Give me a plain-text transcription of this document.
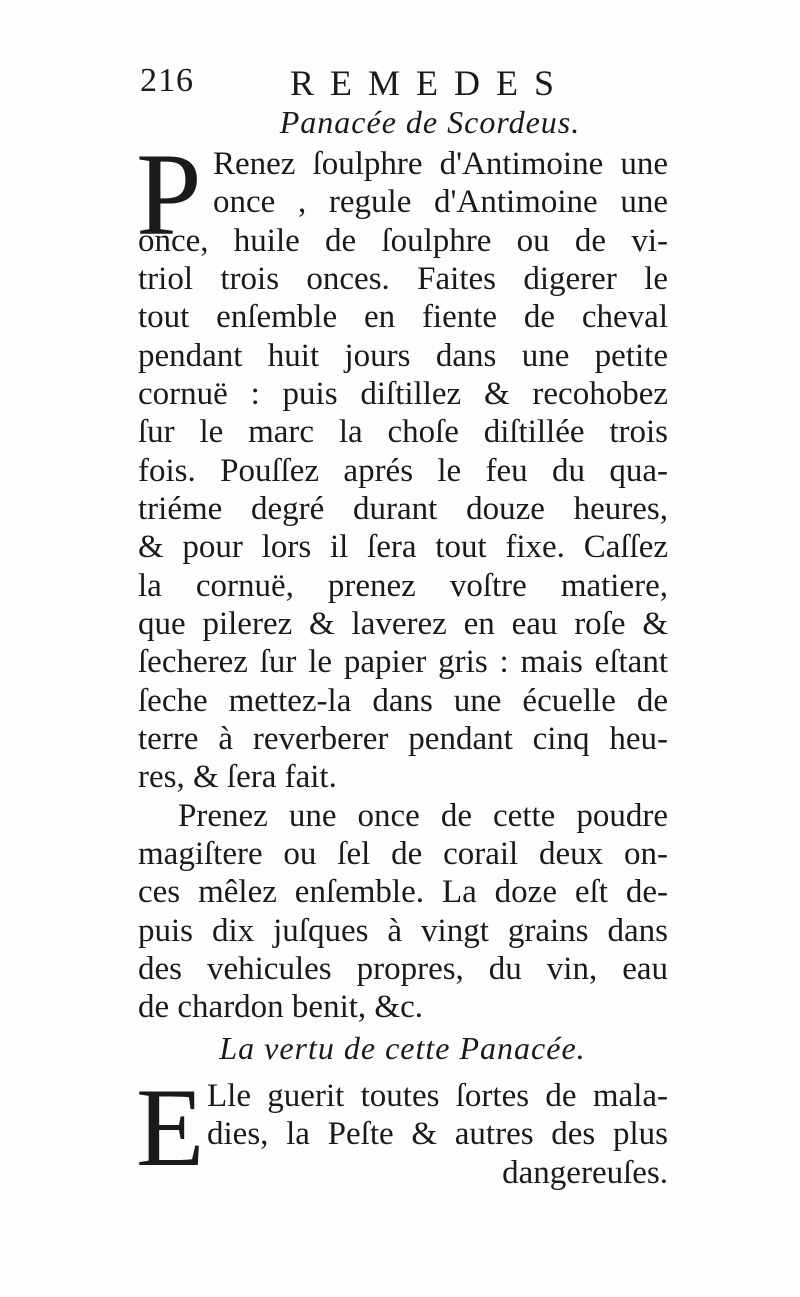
216	REMEDES
Panacée de Scordeus.
P Renez ſoulphre d'Antimoine une
once , regule d'Antimoine une
once, huile de ſoulphre ou de vi-
triol trois onces. Faites digerer le
tout enſemble en fiente de cheval
pendant huit jours dans une petite
cornuë : puis diſtillez & recohobez
ſur le marc la choſe diſtillée trois
fois. Pouſſez aprés le feu du qua-
triéme degré durant douze heures,
& pour lors il ſera tout fixe. Caſſez
la cornuë, prenez voſtre matiere,
que pilerez & laverez en eau roſe &
ſecherez ſur le papier gris : mais eſtant
ſeche mettez-la dans une écuelle de
terre à reverberer pendant cinq heu-
res, & ſera fait.
Prenez une once de cette poudre
magiſtere ou ſel de corail deux on-
ces mêlez enſemble. La doze eſt de-
puis dix juſques à vingt grains dans
des vehicules propres, du vin, eau
de chardon benit, &c.
La vertu de cette Panacée.
E Lle guerit toutes ſortes de mala-
dies, la Peſte & autres des plus
dangereuſes.
